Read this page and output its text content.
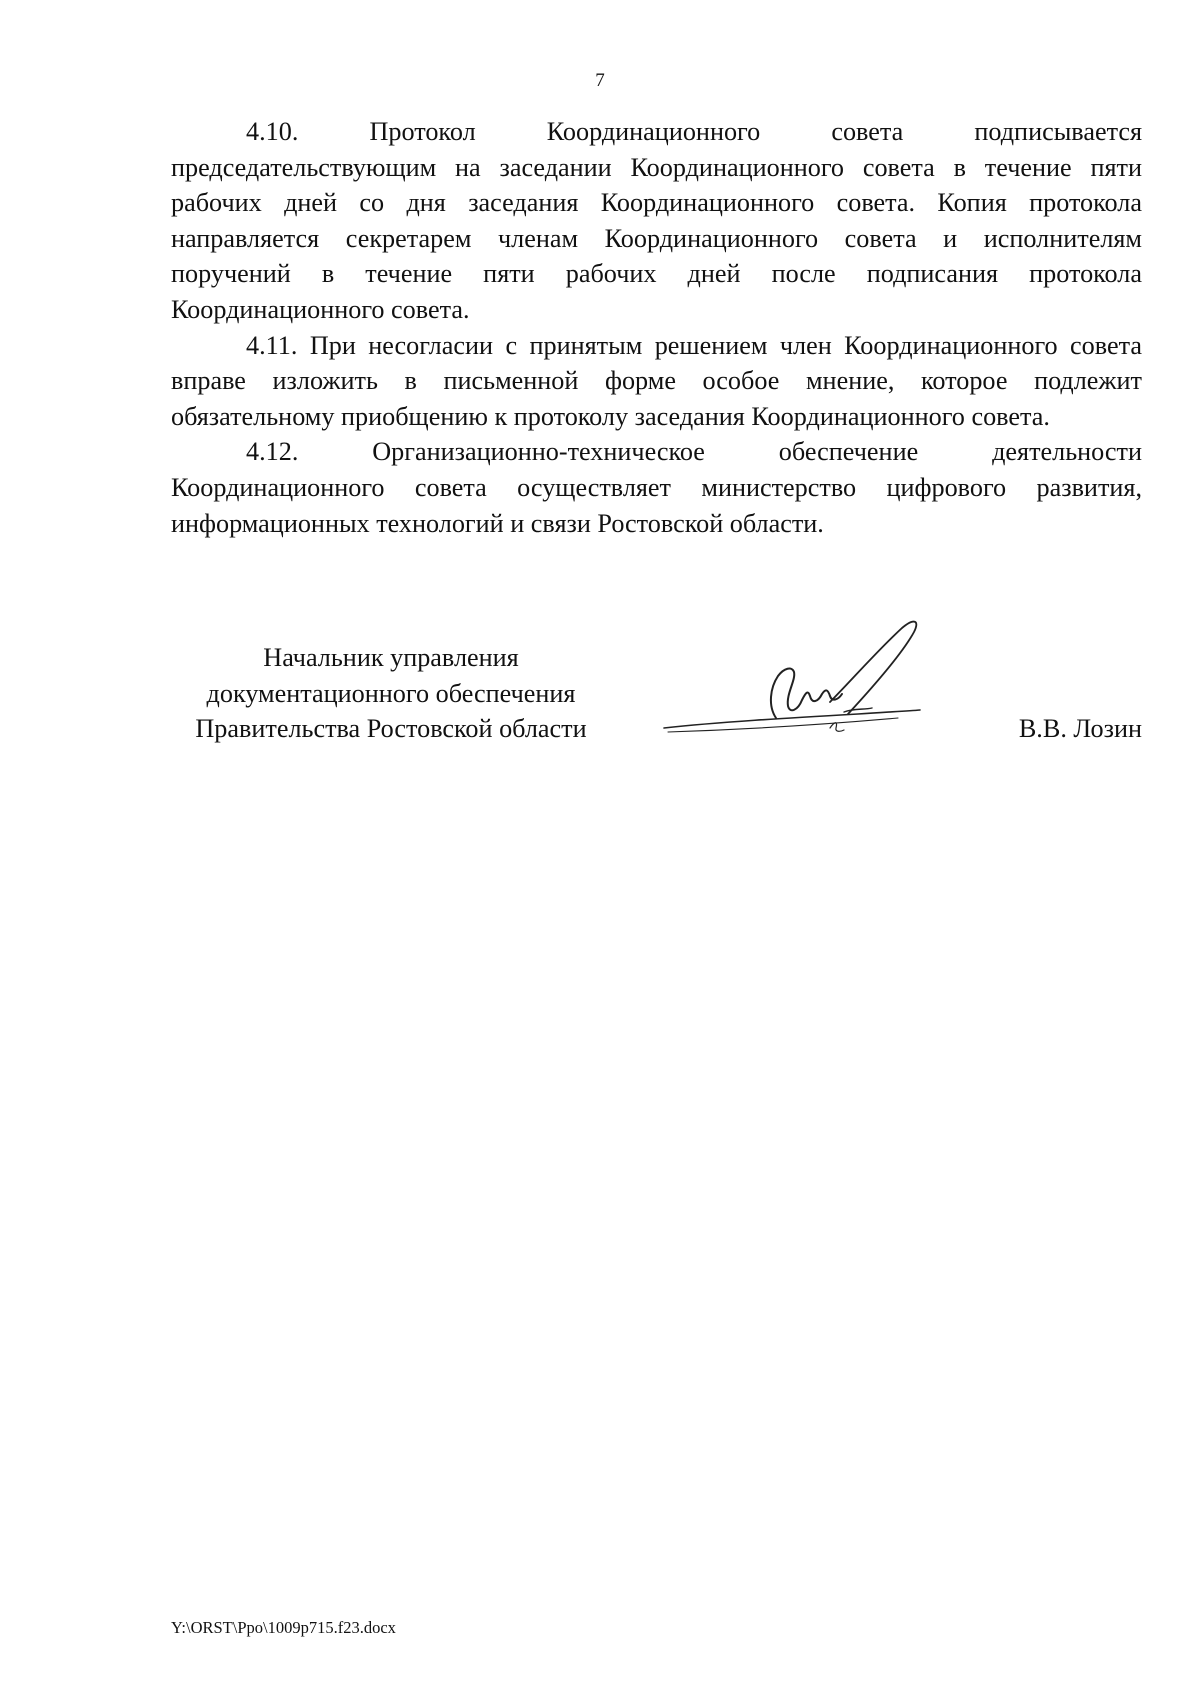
7

4.10. Протокол Координационного совета подписывается председательствующим на заседании Координационного совета в течение пяти рабочих дней со дня заседания Координационного совета. Копия протокола направляется секретарем членам Координационного совета и исполнителям поручений в течение пяти рабочих дней после подписания протокола Координационного совета.

4.11. При несогласии с принятым решением член Координационного совета вправе изложить в письменной форме особое мнение, которое подлежит обязательному приобщению к протоколу заседания Координационного совета.

4.12. Организационно-техническое обеспечение деятельности Координационного совета осуществляет министерство цифрового развития, информационных технологий и связи Ростовской области.

Начальник управления
документационного обеспечения
Правительства Ростовской области	В.В. Лозин
Y:\ORST\Ppo\1009p715.f23.docx
